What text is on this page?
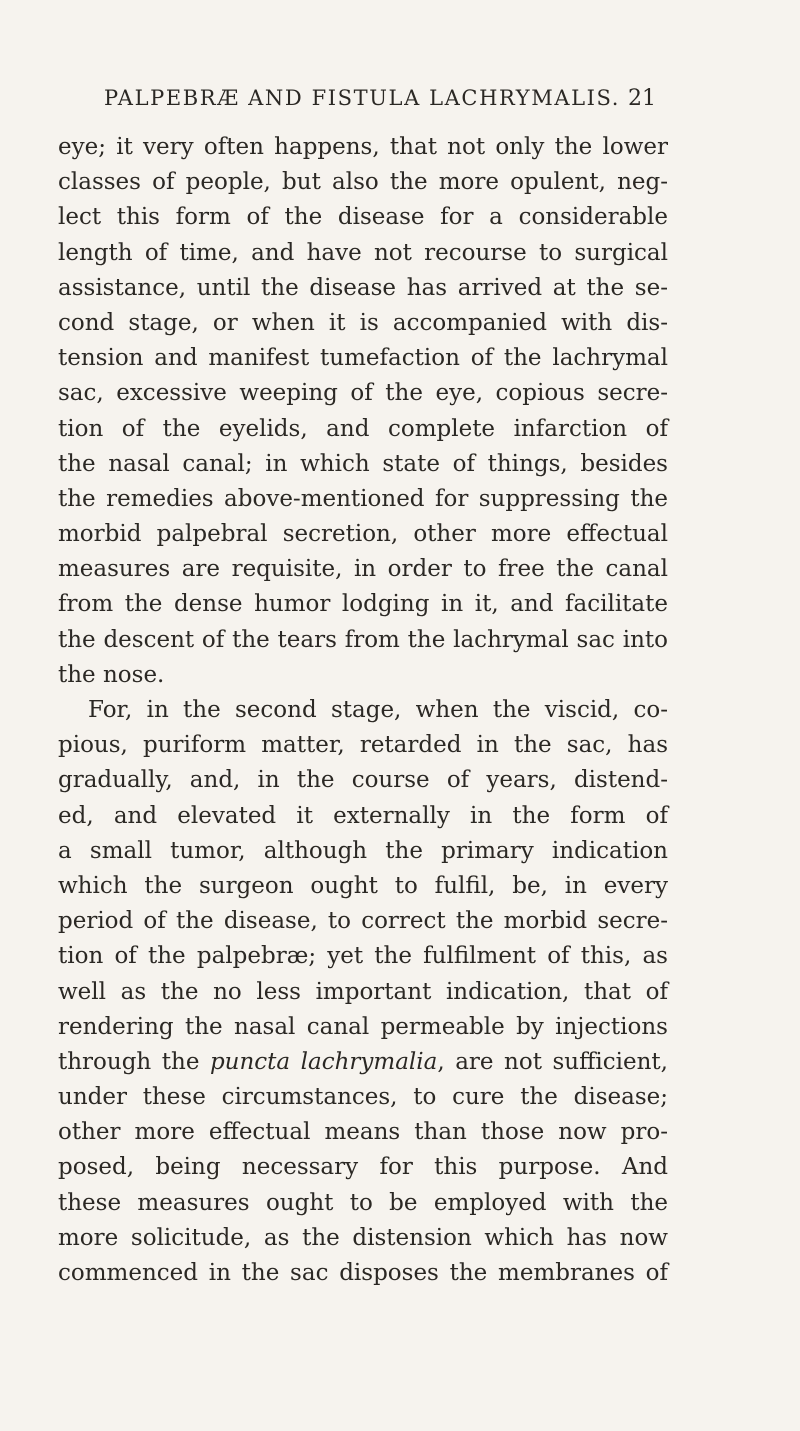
PALPEBRÆ AND FISTULA LACHRYMALIS. 21
eye; it very often happens, that not only the lower
classes of people, but also the more opulent, neg-
lect this form of the disease for a considerable
length of time, and have not recourse to surgical
assistance, until the disease has arrived at the se-
cond stage, or when it is accompanied with dis-
tension and manifest tumefaction of the lachrymal
sac, excessive weeping of the eye, copious secre-
tion of the eyelids, and complete infarction of
the nasal canal; in which state of things, besides
the remedies above-mentioned for suppressing the
morbid palpebral secretion, other more effectual
measures are requisite, in order to free the canal
from the dense humor lodging in it, and facilitate
the descent of the tears from the lachrymal sac into
the nose.
For, in the second stage, when the viscid, co-
pious, puriform matter, retarded in the sac, has
gradually, and, in the course of years, distend-
ed, and elevated it externally in the form of
a small tumor, although the primary indication
which the surgeon ought to fulfil, be, in every
period of the disease, to correct the morbid secre-
tion of the palpebræ; yet the fulfilment of this, as
well as the no less important indication, that of
rendering the nasal canal permeable by injections
through the puncta lachrymalia, are not sufficient,
under these circumstances, to cure the disease;
other more effectual means than those now pro-
posed, being necessary for this purpose. And
these measures ought to be employed with the
more solicitude, as the distension which has now
commenced in the sac disposes the membranes of
